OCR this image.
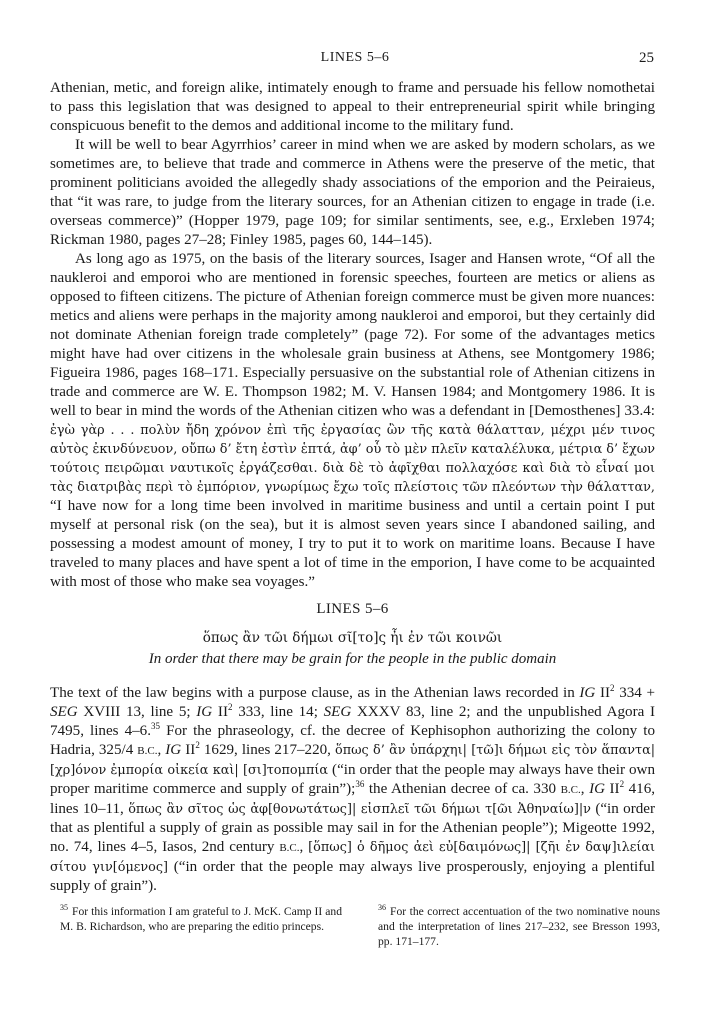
LINES 5–6	25

Athenian, metic, and foreign alike, intimately enough to frame and persuade his fellow nomothetai to pass this legislation that was designed to appeal to their entrepreneurial spirit while bringing conspicuous benefit to the demos and additional income to the military fund.

It will be well to bear Agyrrhios’ career in mind when we are asked by modern scholars, as we sometimes are, to believe that trade and commerce in Athens were the preserve of the metic, that prominent politicians avoided the allegedly shady associations of the emporion and the Peiraieus, that “it was rare, to judge from the literary sources, for an Athenian citizen to engage in trade (i.e. overseas commerce)” (Hopper 1979, page 109; for similar sentiments, see, e.g., Erxleben 1974; Rickman 1980, pages 27–28; Finley 1985, pages 60, 144–145).

As long ago as 1975, on the basis of the literary sources, Isager and Hansen wrote, “Of all the naukleroi and emporoi who are mentioned in forensic speeches, fourteen are metics or aliens as opposed to fifteen citizens. The picture of Athenian foreign commerce must be given more nuances: metics and aliens were perhaps in the majority among naukleroi and emporoi, but they certainly did not dominate Athenian foreign trade completely” (page 72). For some of the advantages metics might have had over citizens in the wholesale grain business at Athens, see Montgomery 1986; Figueira 1986, pages 168–171. Especially persuasive on the substantial role of Athenian citizens in trade and commerce are W. E. Thompson 1982; M. V. Hansen 1984; and Montgomery 1986. It is well to bear in mind the words of the Athenian citizen who was a defendant in [Demosthenes] 33.4: ἐγὼ γὰρ . . . πολὺν ἤδη χρόνον ἐπὶ τῆς ἐργασίας ὢν τῆς κατὰ θάλατταν, μέχρι μέν τινος αὐτὸς ἐκινδύνευον, οὔπω δ’ ἔτη ἐστὶν ἑπτά, ἀφ’ οὗ τὸ μὲν πλεῖν καταλέλυκα, μέτρια δ’ ἔχων τούτοις πειρῶμαι ναυτικοῖς ἐργάζεσθαι. διὰ δὲ τὸ ἀφῖχθαι πολλαχόσε καὶ διὰ τὸ εἶναί μοι τὰς διατριβὰς περὶ τὸ ἐμπόριον, γνωρίμως ἔχω τοῖς πλείστοις τῶν πλεόντων τὴν θάλατταν, “I have now for a long time been involved in maritime business and until a certain point I put myself at personal risk (on the sea), but it is almost seven years since I abandoned sailing, and possessing a modest amount of money, I try to put it to work on maritime loans. Because I have traveled to many places and have spent a lot of time in the emporion, I have come to be acquainted with most of those who make sea voyages.”

LINES 5–6
ὅπως ἂν τῶι δήμωι σῖ[το]ς ἦι ἐν τῶι κοινῶι
In order that there may be grain for the people in the public domain

The text of the law begins with a purpose clause, as in the Athenian laws recorded in IG $II^2$ 334 + SEG XVIII 13, line 5; IG $II^2$ 333, line 14; SEG XXXV 83, line 2; and the unpublished Agora I 7495, lines 4–6.35 For the phraseology, cf. the decree of Kephisophon authorizing the colony to Hadria, 325/4 B.C., IG $II^2$ 1629, lines 217–220, ὅπως δ’ ἂν ὑπάρχηι| [τῶ]ι δήμωι εἰς τὸν ἅπαντα| [χρ]όνον ἐμπορία οἰκεία καὶ| [σι]τοπομπία (“in order that the people may always have their own proper maritime commerce and supply of grain”);$^{36}$ the Athenian decree of ca. 330 B.C., IG $II^2$ 416, lines 10–11, ὅπως ἂν σῖτος ὡς ἀφ[θονωτάτως]| εἰσπλεῖ τῶι δήμωι τ[ῶι Ἀθηναίω]|ν (“in order that as plentiful a supply of grain as possible may sail in for the Athenian people”); Migeotte 1992, no. 74, lines 4–5, Iasos, 2nd century B.C., [ὅπως] ὁ δῆμος ἀεὶ εὐ[δαιμόνως]| [ζῆι ἐν δαψ]ιλείαι σίτου γιν[όμενος] (“in order that the people may always live prosperously, enjoying a plentiful supply of grain”).

$^{35}$ For this information I am grateful to J. McK. Camp II and M. B. Richardson, who are preparing the editio princeps.
$^{36}$ For the correct accentuation of the two nominative nouns and the interpretation of lines 217–232, see Bresson 1993, pp. 171–177.
